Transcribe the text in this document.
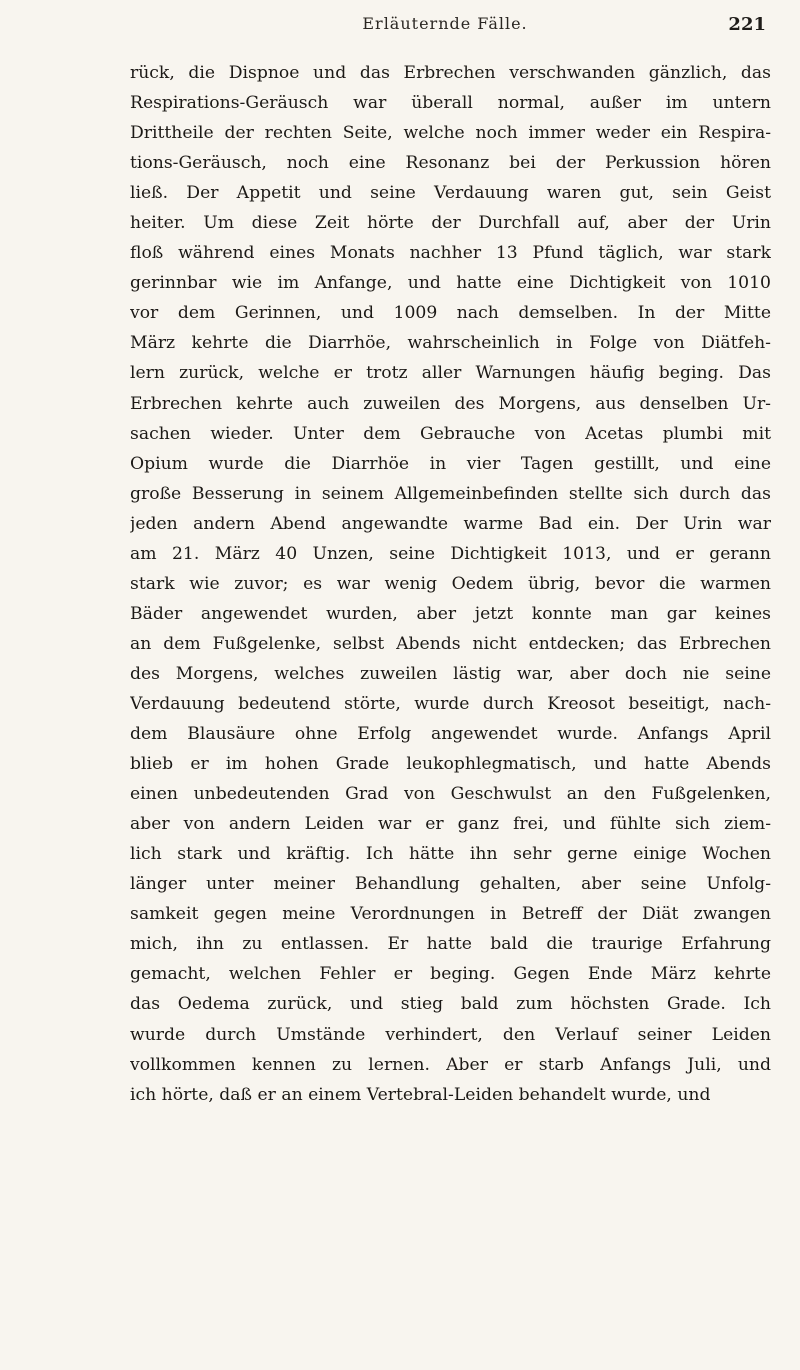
Erläuternde Fälle.	221
rück, die Dispnoe und das Erbrechen verschwanden gänzlich, das
Respirations-Geräusch war überall normal, außer im untern
Drittheile der rechten Seite, welche noch immer weder ein Respira-
tions-Geräusch, noch eine Resonanz bei der Perkussion hören
ließ. Der Appetit und seine Verdauung waren gut, sein Geist
heiter. Um diese Zeit hörte der Durchfall auf, aber der Urin
floß während eines Monats nachher 13 Pfund täglich, war stark
gerinnbar wie im Anfange, und hatte eine Dichtigkeit von 1010
vor dem Gerinnen, und 1009 nach demselben. In der Mitte
März kehrte die Diarrhöe, wahrscheinlich in Folge von Diätfeh-
lern zurück, welche er trotz aller Warnungen häufig beging. Das
Erbrechen kehrte auch zuweilen des Morgens, aus denselben Ur-
sachen wieder. Unter dem Gebrauche von Acetas plumbi mit
Opium wurde die Diarrhöe in vier Tagen gestillt, und eine
große Besserung in seinem Allgemeinbefinden stellte sich durch das
jeden andern Abend angewandte warme Bad ein. Der Urin war
am 21. März 40 Unzen, seine Dichtigkeit 1013, und er gerann
stark wie zuvor; es war wenig Oedem übrig, bevor die warmen
Bäder angewendet wurden, aber jetzt konnte man gar keines
an dem Fußgelenke, selbst Abends nicht entdecken; das Erbrechen
des Morgens, welches zuweilen lästig war, aber doch nie seine
Verdauung bedeutend störte, wurde durch Kreosot beseitigt, nach-
dem Blausäure ohne Erfolg angewendet wurde. Anfangs April
blieb er im hohen Grade leukophlegmatisch, und hatte Abends
einen unbedeutenden Grad von Geschwulst an den Fußgelenken,
aber von andern Leiden war er ganz frei, und fühlte sich ziem-
lich stark und kräftig. Ich hätte ihn sehr gerne einige Wochen
länger unter meiner Behandlung gehalten, aber seine Unfolg-
samkeit gegen meine Verordnungen in Betreff der Diät zwangen
mich, ihn zu entlassen. Er hatte bald die traurige Erfahrung
gemacht, welchen Fehler er beging. Gegen Ende März kehrte
das Oedema zurück, und stieg bald zum höchsten Grade. Ich
wurde durch Umstände verhindert, den Verlauf seiner Leiden
vollkommen kennen zu lernen. Aber er starb Anfangs Juli, und
ich hörte, daß er an einem Vertebral-Leiden behandelt wurde, und
